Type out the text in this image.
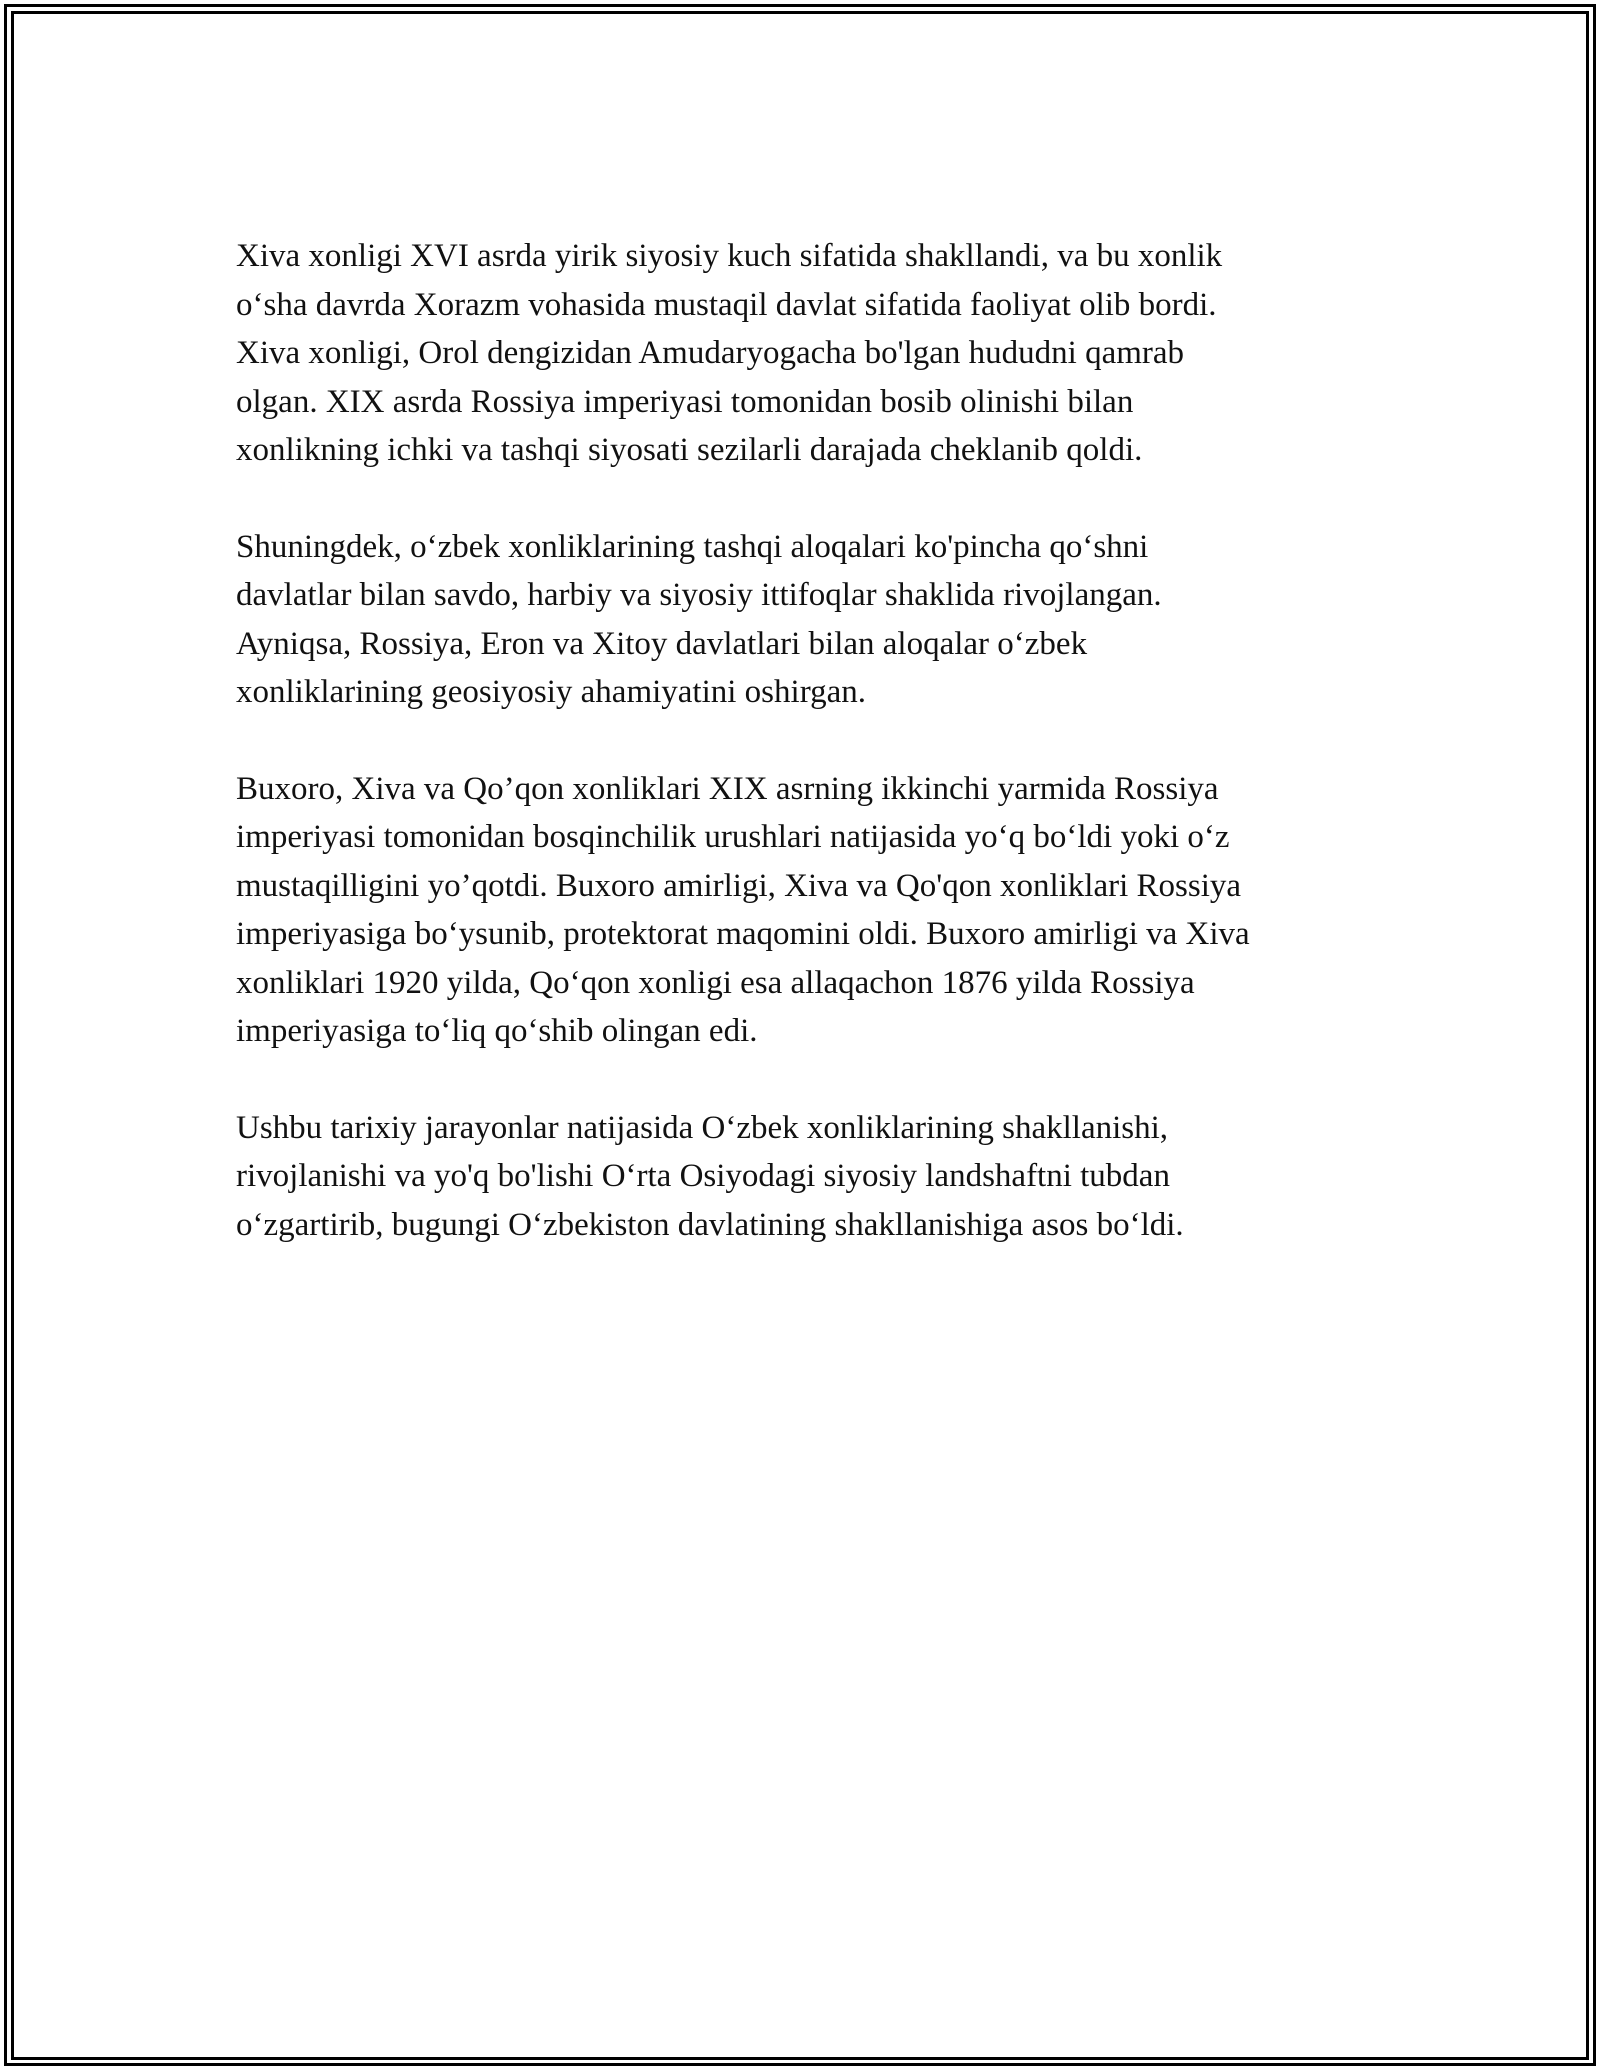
Xiva xonligi XVI asrda yirik siyosiy kuch sifatida shakllandi, va bu xonlik
o‘sha davrda Xorazm vohasida mustaqil davlat sifatida faoliyat olib bordi.
Xiva xonligi, Orol dengizidan Amudaryogacha bo'lgan hududni qamrab
olgan. XIX asrda Rossiya imperiyasi tomonidan bosib olinishi bilan
xonlikning ichki va tashqi siyosati sezilarli darajada cheklanib qoldi.
Shuningdek, o‘zbek xonliklarining tashqi aloqalari ko'pincha qo‘shni
davlatlar bilan savdo, harbiy va siyosiy ittifoqlar shaklida rivojlangan.
Ayniqsa, Rossiya, Eron va Xitoy davlatlari bilan aloqalar o‘zbek
xonliklarining geosiyosiy ahamiyatini oshirgan.
Buxoro, Xiva va Qo’qon xonliklari XIX asrning ikkinchi yarmida Rossiya
imperiyasi tomonidan bosqinchilik urushlari natijasida yo‘q bo‘ldi yoki o‘z
mustaqilligini yo’qotdi. Buxoro amirligi, Xiva va Qo'qon xonliklari Rossiya
imperiyasiga bo‘ysunib, protektorat maqomini oldi. Buxoro amirligi va Xiva
xonliklari 1920 yilda, Qo‘qon xonligi esa allaqachon 1876 yilda Rossiya
imperiyasiga to‘liq qo‘shib olingan edi.
Ushbu tarixiy jarayonlar natijasida O‘zbek xonliklarining shakllanishi,
rivojlanishi va yo'q bo'lishi O‘rta Osiyodagi siyosiy landshaftni tubdan
o‘zgartirib, bugungi O‘zbekiston davlatining shakllanishiga asos bo‘ldi.
